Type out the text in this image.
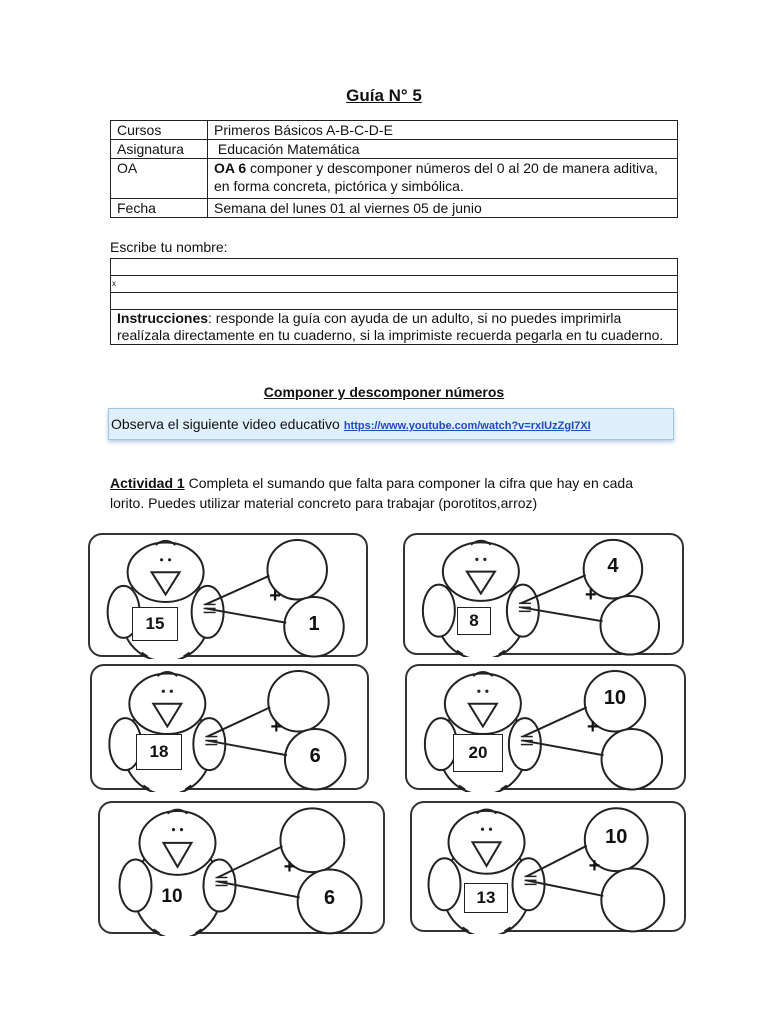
Guía N° 5
Cursos	Primeros Básicos A-B-C-D-E
Asignatura	Educación Matemática
OA	OA 6 componer y descomponer números del 0 al 20 de manera aditiva, en forma concreta, pictórica y simbólica.
Fecha	Semana del lunes 01 al viernes 05 de junio
Escribe tu nombre:
x
Instrucciones: responde la guía con ayuda de un adulto, si no puedes imprimirla realízala directamente en tu cuaderno, si la imprimiste recuerda pegarla en tu cuaderno.
Componer y descomponer números
Observa el siguiente video educativo https://www.youtube.com/watch?v=rxIUzZgI7XI
Actividad 1 Completa el sumando que falta para componer la cifra que hay en cada lorito. Puedes utilizar material concreto para trabajar (porotitos,arroz)
+
1
15
+
4
8
+
6
18
+
10
20
+
6
10
+
10
13
